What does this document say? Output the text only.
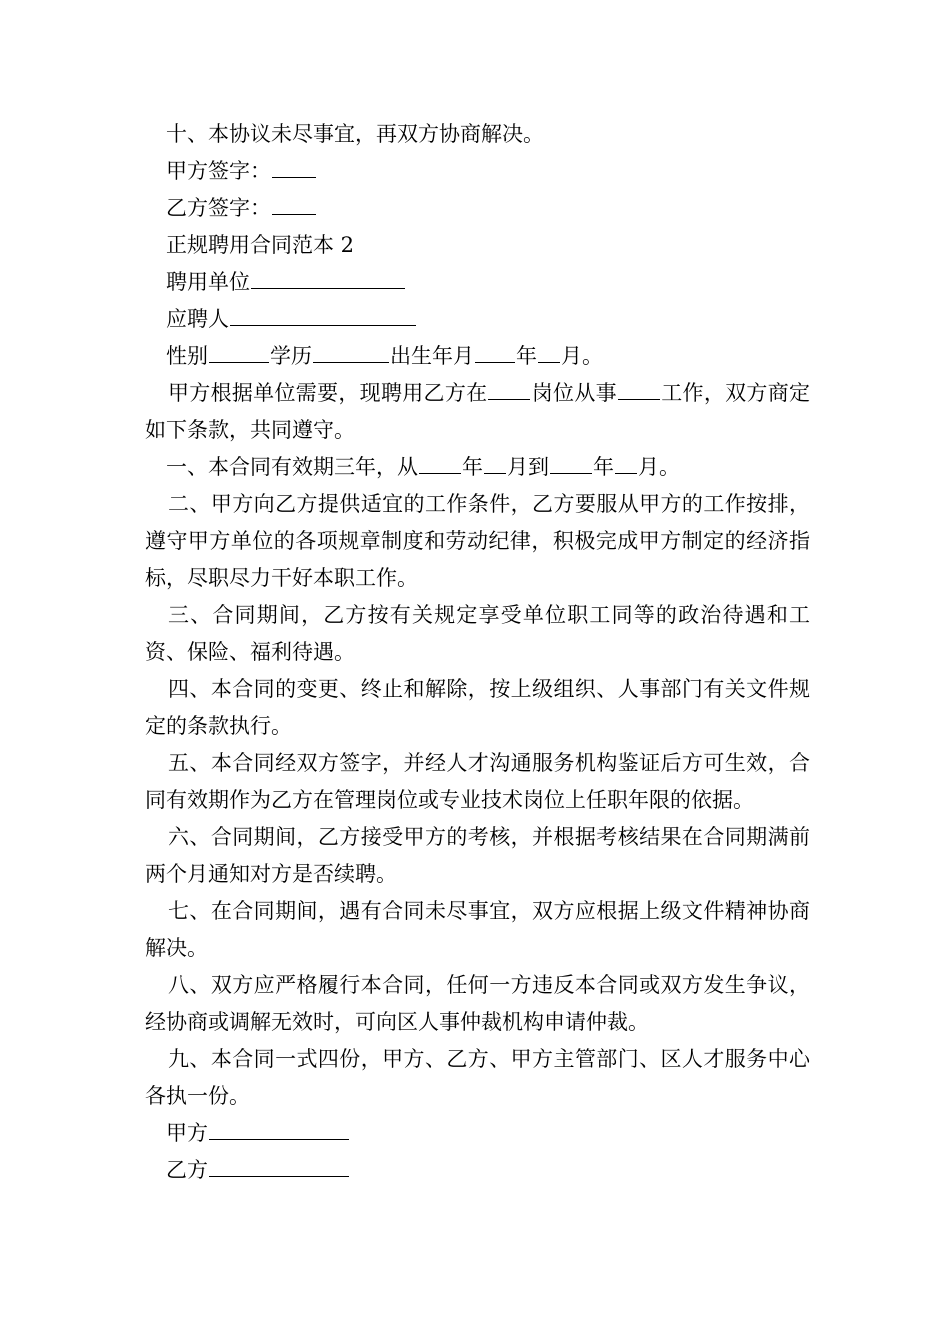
十、本协议未尽事宜，再双方协商解决。

甲方签字：

乙方签字：

正规聘用合同范本 2

聘用单位

应聘人

性别	学历	出生年月 年 月。

甲方根据单位需要，现聘用乙方在 岗位从事 工作，双方商定如下条款，共同遵守。

一、本合同有效期三年，从 年 月到 年 月。

二、甲方向乙方提供适宜的工作条件，乙方要服从甲方的工作按排，遵守甲方单位的各项规章制度和劳动纪律，积极完成甲方制定的经济指标，尽职尽力干好本职工作。

三、合同期间，乙方按有关规定享受单位职工同等的政治待遇和工资、保险、福利待遇。

四、本合同的变更、终止和解除，按上级组织、人事部门有关文件规定的条款执行。

五、本合同经双方签字，并经人才沟通服务机构鉴证后方可生效，合同有效期作为乙方在管理岗位或专业技术岗位上任职年限的依据。

六、合同期间，乙方接受甲方的考核，并根据考核结果在合同期满前两个月通知对方是否续聘。

七、在合同期间，遇有合同未尽事宜，双方应根据上级文件精神协商解决。

八、双方应严格履行本合同，任何一方违反本合同或双方发生争议，经协商或调解无效时，可向区人事仲裁机构申请仲裁。

九、本合同一式四份，甲方、乙方、甲方主管部门、区人才服务中心各执一份。

甲方

乙方
